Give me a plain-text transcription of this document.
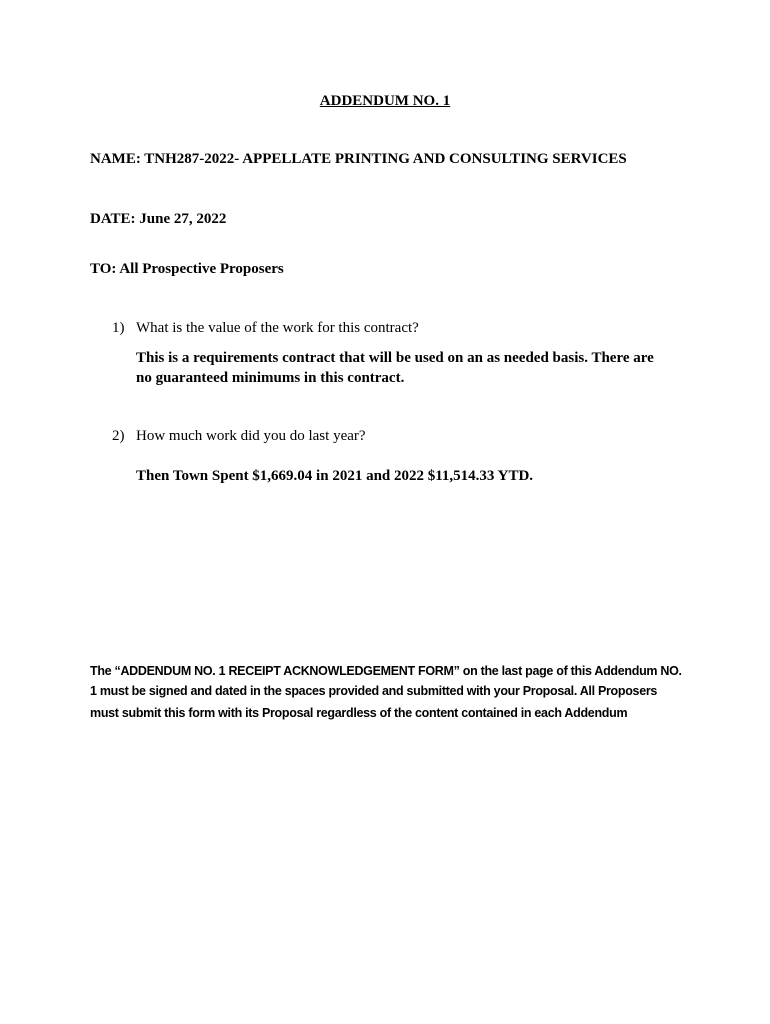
ADDENDUM NO. 1
NAME: TNH287-2022- APPELLATE PRINTING AND CONSULTING SERVICES
DATE: June 27, 2022
TO: All Prospective Proposers
1) What is the value of the work for this contract?
This is a requirements contract that will be used on an as needed basis. There are
no guaranteed minimums in this contract.
2) How much work did you do last year?
Then Town Spent $1,669.04 in 2021 and 2022 $11,514.33 YTD.
The “ADDENDUM NO. 1 RECEIPT ACKNOWLEDGEMENT FORM” on the last page of this Addendum NO.
1 must be signed and dated in the spaces provided and submitted with your Proposal. All Proposers
must submit this form with its Proposal regardless of the content contained in each Addendum
